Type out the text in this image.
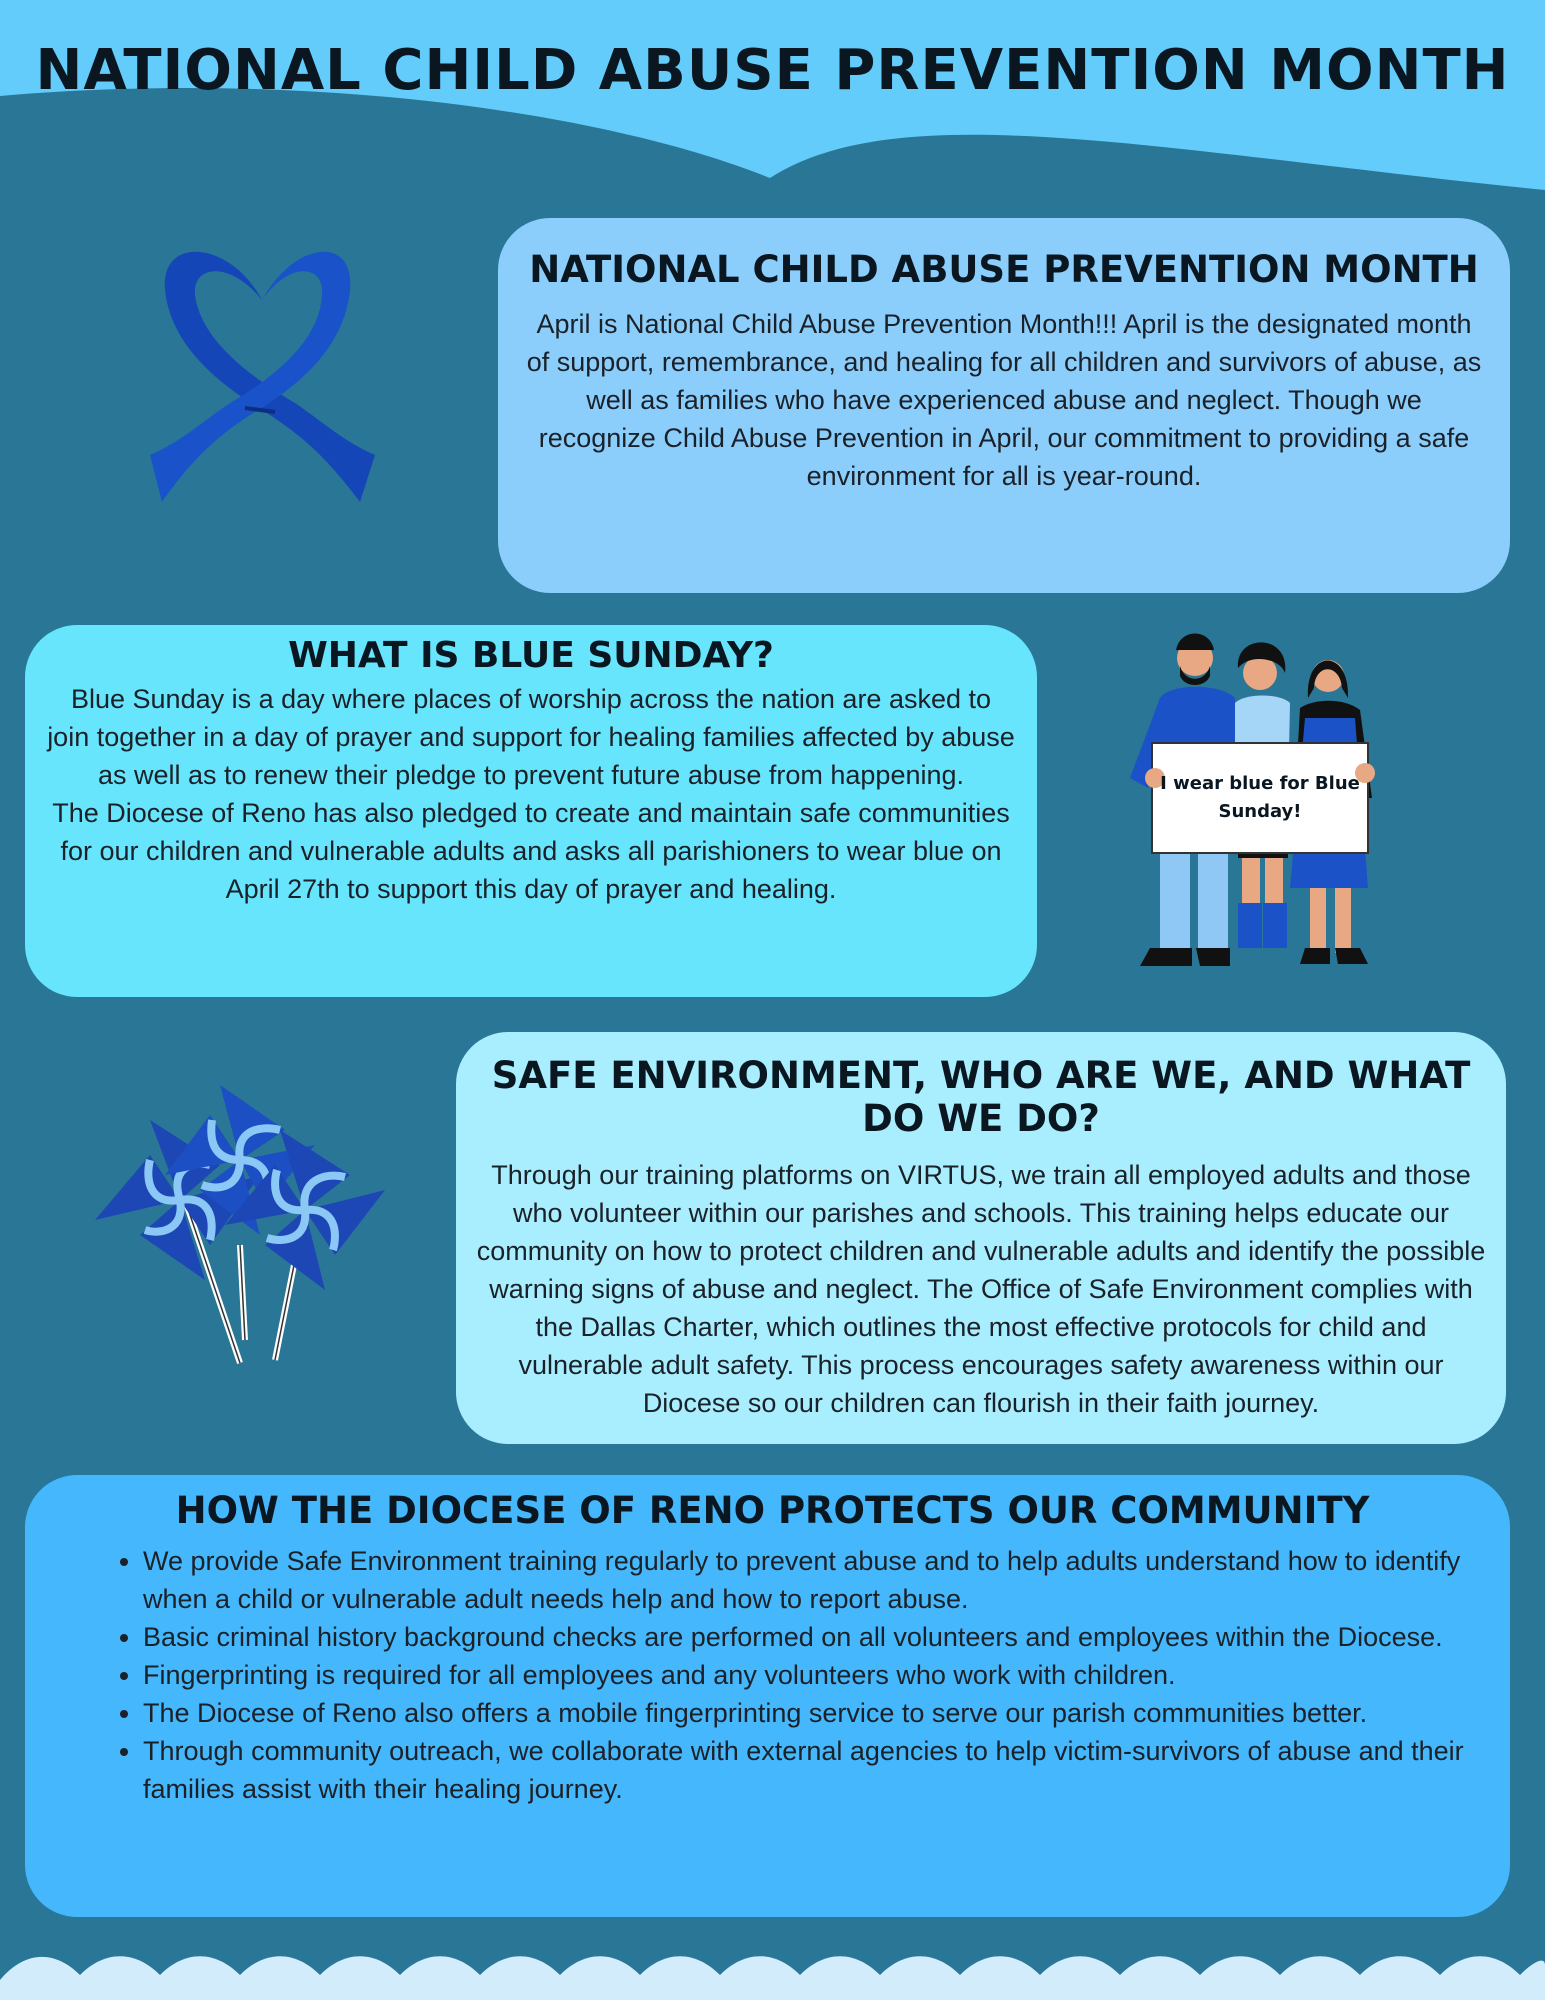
NATIONAL CHILD ABUSE PREVENTION MONTH
NATIONAL CHILD ABUSE PREVENTION MONTH

April is National Child Abuse Prevention Month!!! April is the designated month of support, remembrance, and healing for all children and survivors of abuse, as well as families who have experienced abuse and neglect. Though we recognize Child Abuse Prevention in April, our commitment to providing a safe environment for all is year-round.

WHAT IS BLUE SUNDAY?

Blue Sunday is a day where places of worship across the nation are asked to join together in a day of prayer and support for healing families affected by abuse as well as to renew their pledge to prevent future abuse from happening.

The Diocese of Reno has also pledged to create and maintain safe communities for our children and vulnerable adults and asks all parishioners to wear blue on April 27th to support this day of prayer and healing.

I wear blue for Blue Sunday!
SAFE ENVIRONMENT, WHO ARE WE, AND WHAT DO WE DO?

Through our training platforms on VIRTUS, we train all employed adults and those who volunteer within our parishes and schools. This training helps educate our community on how to protect children and vulnerable adults and identify the possible warning signs of abuse and neglect. The Office of Safe Environment complies with the Dallas Charter, which outlines the most effective protocols for child and vulnerable adult safety. This process encourages safety awareness within our Diocese so our children can flourish in their faith journey.

HOW THE DIOCESE OF RENO PROTECTS OUR COMMUNITY
• We provide Safe Environment training regularly to prevent abuse and to help adults understand how to identify when a child or vulnerable adult needs help and how to report abuse.
• Basic criminal history background checks are performed on all volunteers and employees within the Diocese.
• Fingerprinting is required for all employees and any volunteers who work with children.
• The Diocese of Reno also offers a mobile fingerprinting service to serve our parish communities better.
• Through community outreach, we collaborate with external agencies to help victim-survivors of abuse and their families assist with their healing journey.
